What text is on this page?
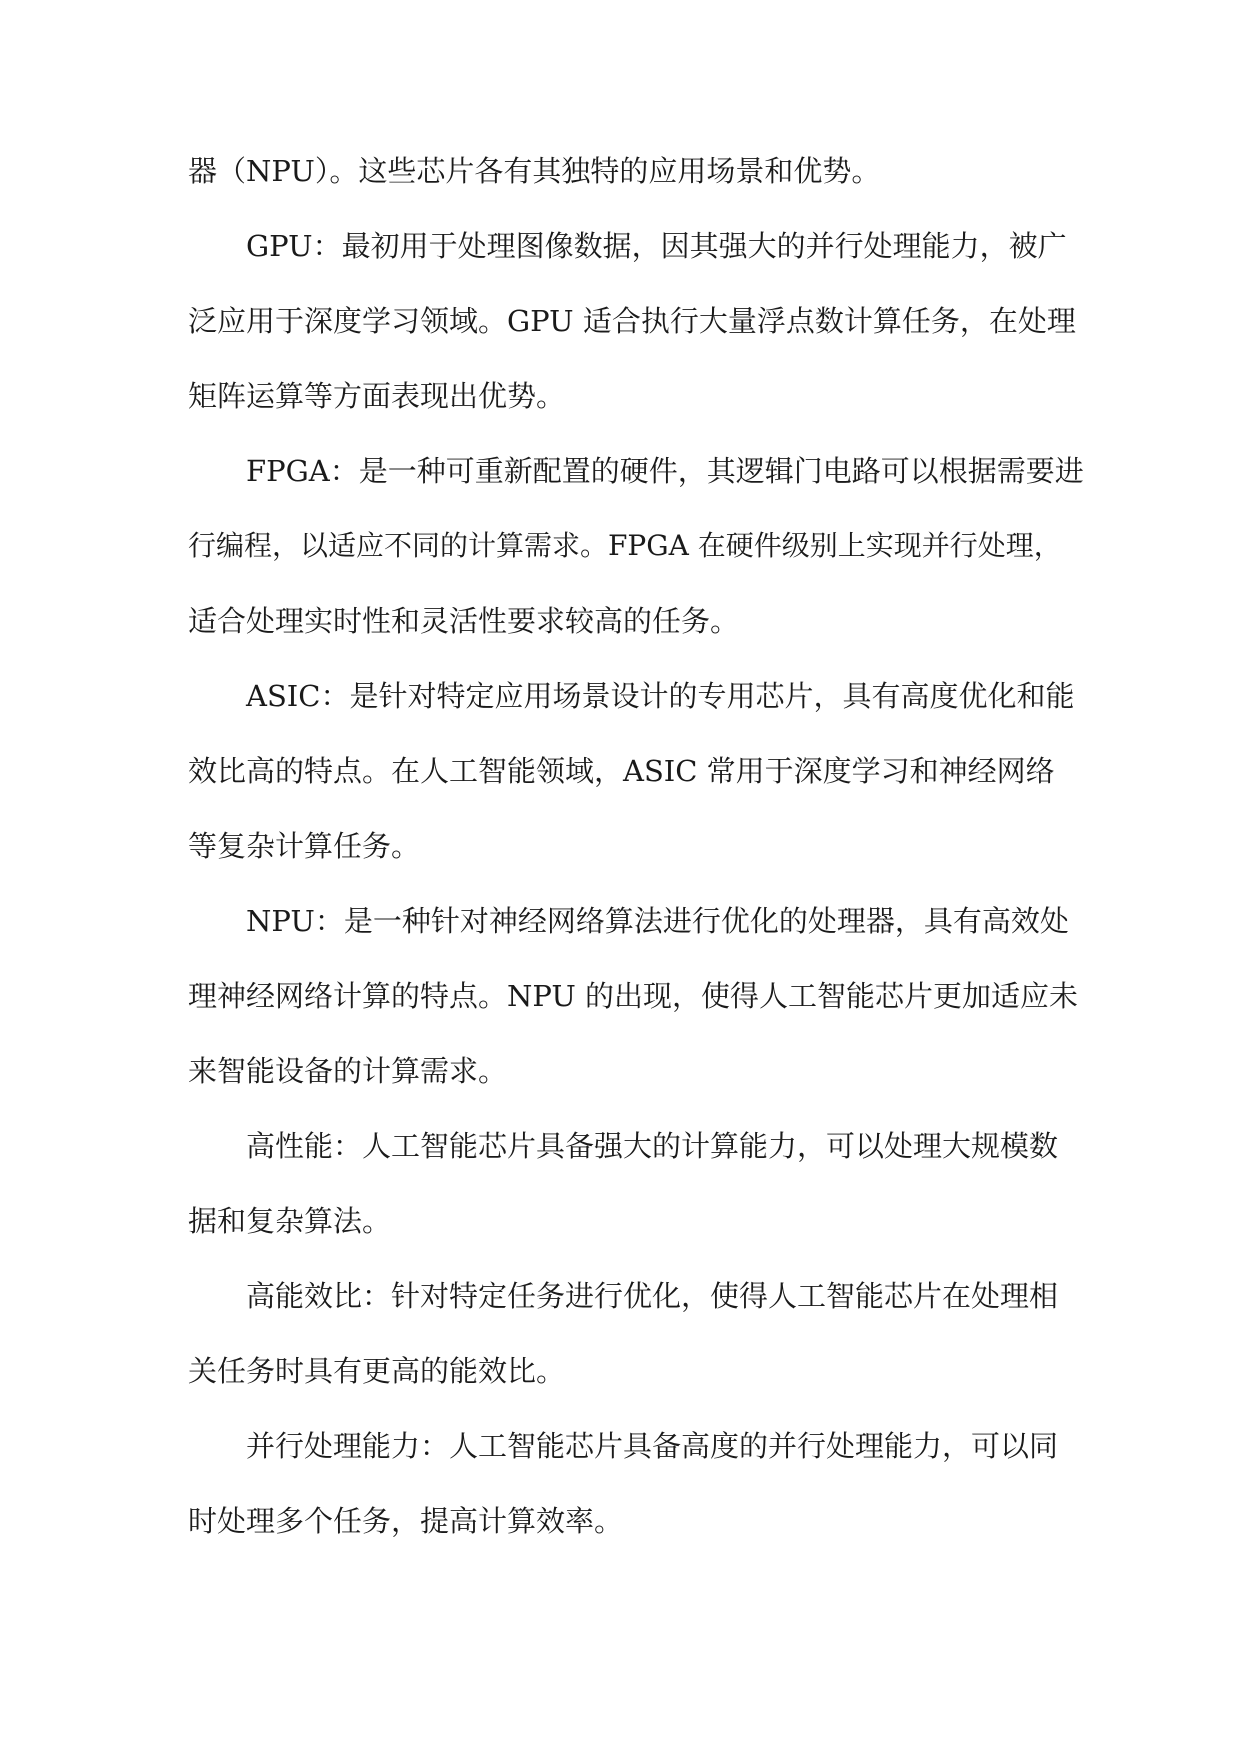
器（NPU）。这些芯片各有其独特的应用场景和优势。
GPU：最初用于处理图像数据，因其强大的并行处理能力，被广
泛应用于深度学习领域。GPU 适合执行大量浮点数计算任务，在处理
矩阵运算等方面表现出优势。
FPGA：是一种可重新配置的硬件，其逻辑门电路可以根据需要进
行编程，以适应不同的计算需求。FPGA 在硬件级别上实现并行处理，
适合处理实时性和灵活性要求较高的任务。
ASIC：是针对特定应用场景设计的专用芯片，具有高度优化和能
效比高的特点。在人工智能领域，ASIC 常用于深度学习和神经网络
等复杂计算任务。
NPU：是一种针对神经网络算法进行优化的处理器，具有高效处
理神经网络计算的特点。NPU 的出现，使得人工智能芯片更加适应未
来智能设备的计算需求。
高性能：人工智能芯片具备强大的计算能力，可以处理大规模数
据和复杂算法。
高能效比：针对特定任务进行优化，使得人工智能芯片在处理相
关任务时具有更高的能效比。
并行处理能力：人工智能芯片具备高度的并行处理能力，可以同
时处理多个任务，提高计算效率。
